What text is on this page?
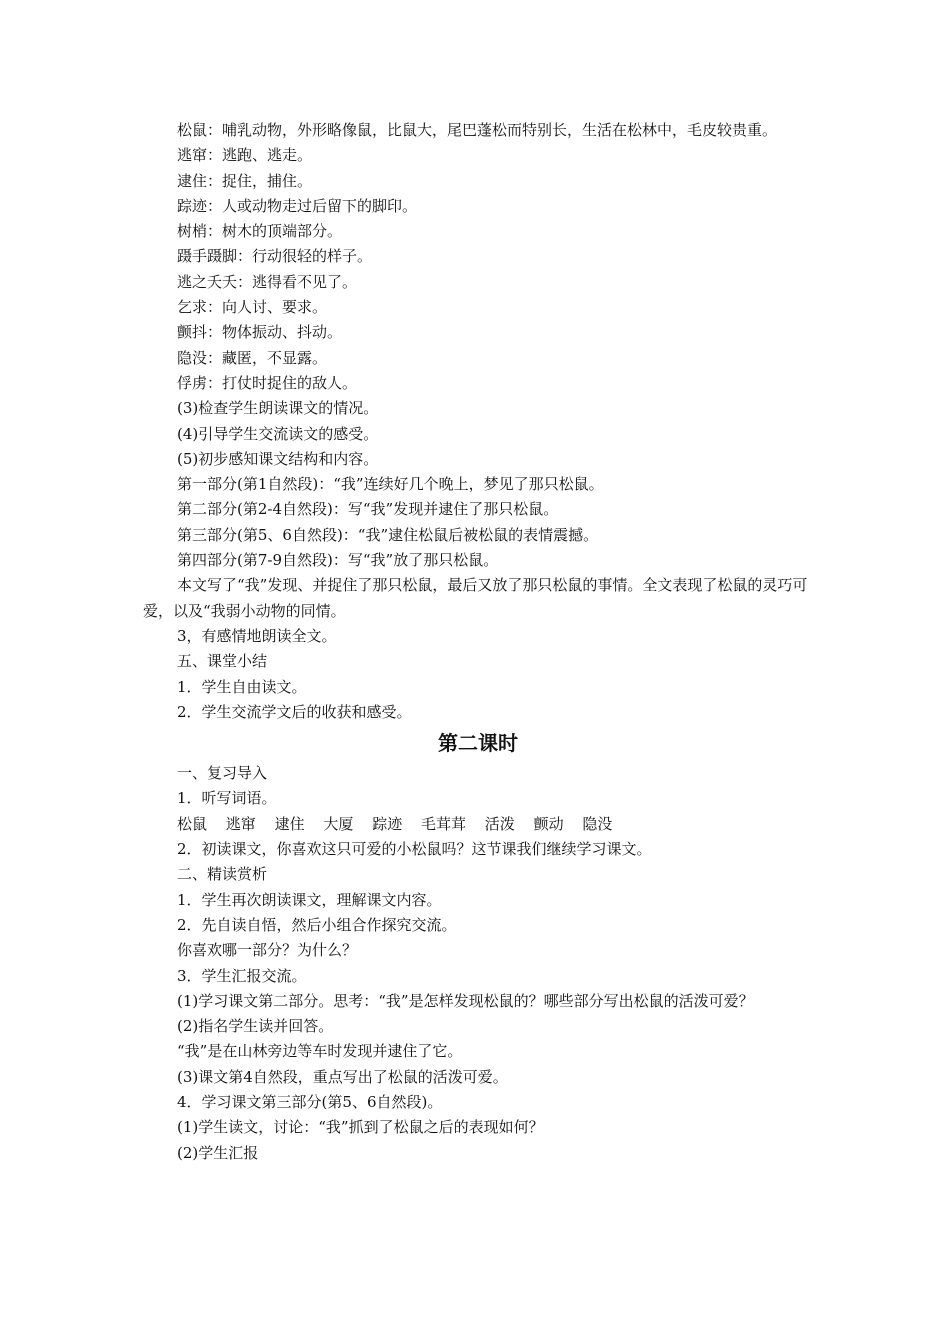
松鼠：哺乳动物，外形略像鼠，比鼠大，尾巴蓬松而特别长，生活在松林中，毛皮较贵重。

逃窜：逃跑、逃走。

逮住：捉住，捕住。

踪迹：人或动物走过后留下的脚印。

树梢：树木的顶端部分。

蹑手蹑脚：行动很轻的样子。

逃之夭夭：逃得看不见了。

乞求：向人讨、要求。

颤抖：物体振动、抖动。

隐没：藏匿，不显露。

俘虏：打仗时捉住的敌人。

(3)检查学生朗读课文的情况。

(4)引导学生交流读文的感受。

(5)初步感知课文结构和内容。

第一部分(第1自然段)：“我”连续好几个晚上，梦见了那只松鼠。

第二部分(第2-4自然段)：写“我”发现并逮住了那只松鼠。

第三部分(第5、6自然段)：“我”逮住松鼠后被松鼠的表情震撼。

第四部分(第7-9自然段)：写“我”放了那只松鼠。

本文写了“我”发现、并捉住了那只松鼠，最后又放了那只松鼠的事情。全文表现了松鼠的灵巧可爱，以及“我弱小动物的同情。

3，有感情地朗读全文。

五、课堂小结

1．学生自由读文。

2．学生交流学文后的收获和感受。

第二课时

一、复习导入

1．听写词语。

松鼠 逃窜 逮住 大厦 踪迹 毛茸茸 活泼 颤动 隐没

2．初读课文，你喜欢这只可爱的小松鼠吗？这节课我们继续学习课文。

二、精读赏析

1．学生再次朗读课文，理解课文内容。

2．先自读自悟，然后小组合作探究交流。

你喜欢哪一部分？为什么？

3．学生汇报交流。

(1)学习课文第二部分。思考：“我”是怎样发现松鼠的？哪些部分写出松鼠的活泼可爱？

(2)指名学生读并回答。

“我”是在山林旁边等车时发现并逮住了它。

(3)课文第4自然段，重点写出了松鼠的活泼可爱。

4．学习课文第三部分(第5、6自然段)。

(1)学生读文，讨论：“我”抓到了松鼠之后的表现如何？

(2)学生汇报
